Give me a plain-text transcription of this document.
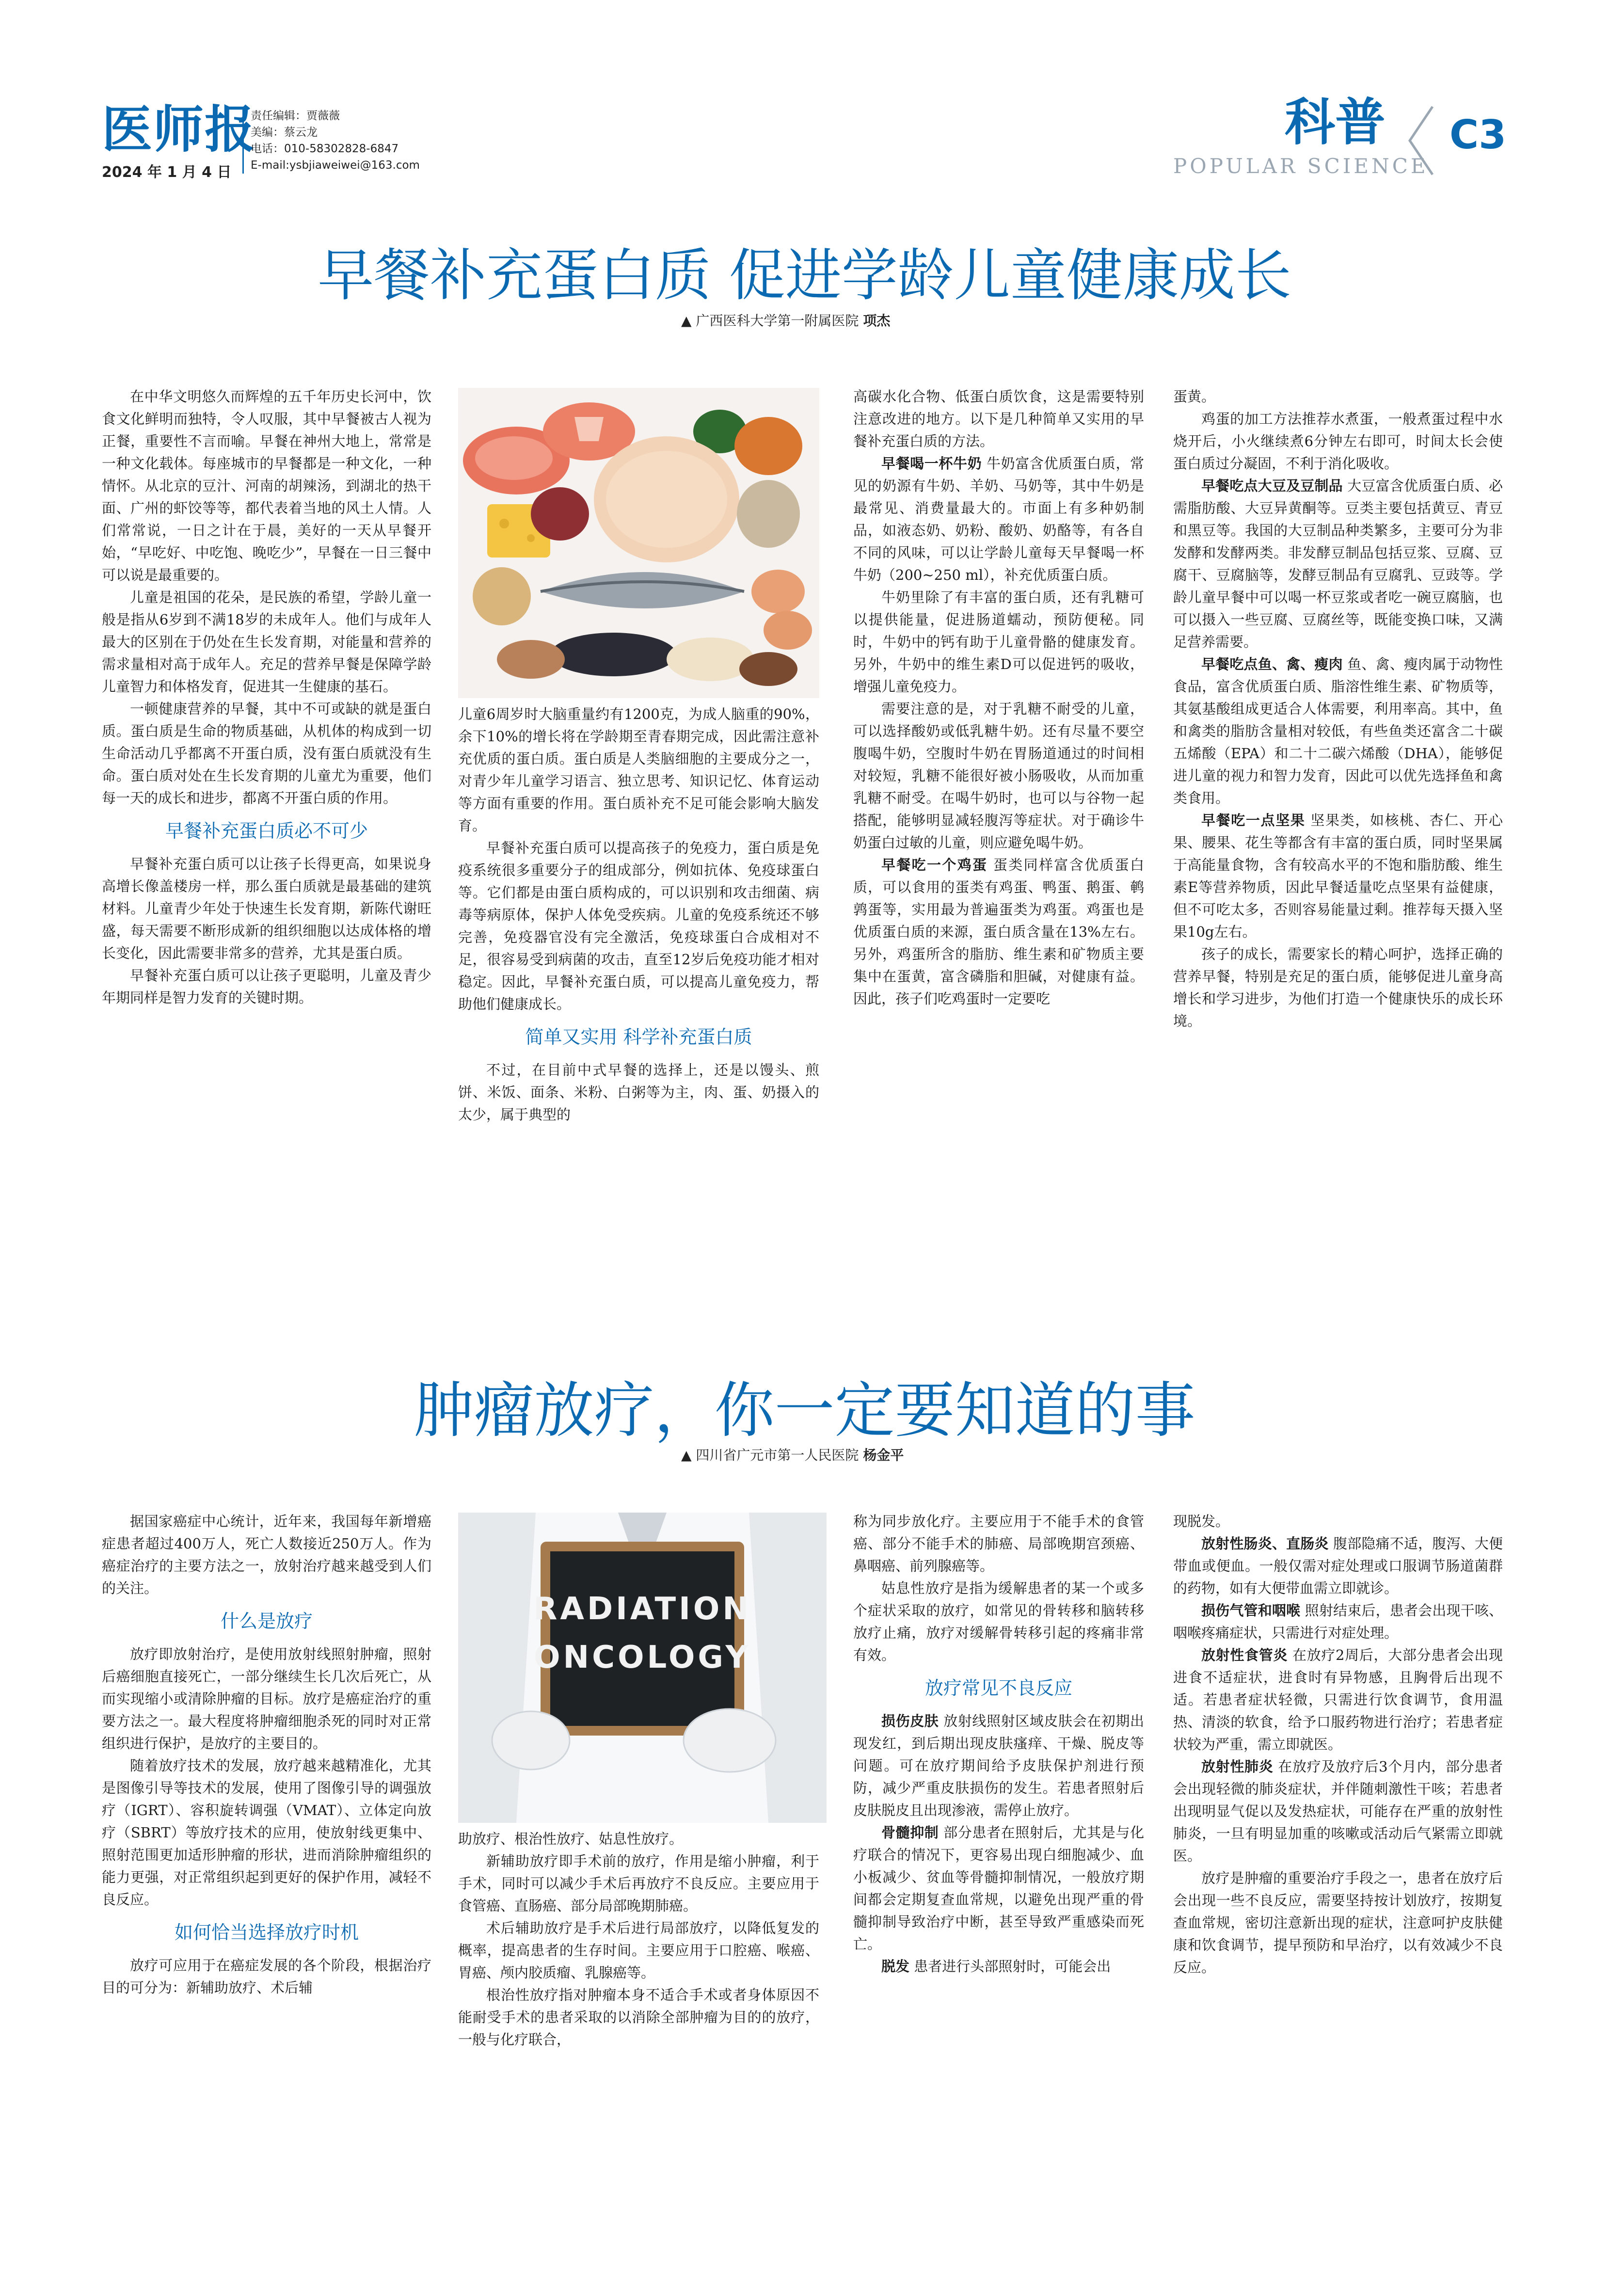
医师报
2024 年 1 月 4 日
责任编辑：贾薇薇
美编：蔡云龙
电话：010-58302828-6847
E-mail:ysbjiaweiwei@163.com
科普 C3
POPULAR SCIENCE
早餐补充蛋白质 促进学龄儿童健康成长
▲ 广西医科大学第一附属医院 项杰

在中华文明悠久而辉煌的五千年历史长河中，饮食文化鲜明而独特，令人叹服，其中早餐被古人视为正餐，重要性不言而喻。早餐在神州大地上，常常是一种文化载体。每座城市的早餐都是一种文化，一种情怀。从北京的豆汁、河南的胡辣汤，到湖北的热干面、广州的虾饺等等，都代表着当地的风土人情。人们常常说，一日之计在于晨，美好的一天从早餐开始，“早吃好、中吃饱、晚吃少”，早餐在一日三餐中可以说是最重要的。

儿童是祖国的花朵，是民族的希望，学龄儿童一般是指从6岁到不满18岁的未成年人。他们与成年人最大的区别在于仍处在生长发育期，对能量和营养的需求量相对高于成年人。充足的营养早餐是保障学龄儿童智力和体格发育，促进其一生健康的基石。

一顿健康营养的早餐，其中不可或缺的就是蛋白质。蛋白质是生命的物质基础，从机体的构成到一切生命活动几乎都离不开蛋白质，没有蛋白质就没有生命。蛋白质对处在生长发育期的儿童尤为重要，他们每一天的成长和进步，都离不开蛋白质的作用。

早餐补充蛋白质必不可少

早餐补充蛋白质可以让孩子长得更高，如果说身高增长像盖楼房一样，那么蛋白质就是最基础的建筑材料。儿童青少年处于快速生长发育期，新陈代谢旺盛，每天需要不断形成新的组织细胞以达成体格的增长变化，因此需要非常多的营养，尤其是蛋白质。

早餐补充蛋白质可以让孩子更聪明，儿童及青少年期同样是智力发育的关键时期。

儿童6周岁时大脑重量约有1200克，为成人脑重的90%，余下10%的增长将在学龄期至青春期完成，因此需注意补充优质的蛋白质。蛋白质是人类脑细胞的主要成分之一，对青少年儿童学习语言、独立思考、知识记忆、体育运动等方面有重要的作用。蛋白质补充不足可能会影响大脑发育。

早餐补充蛋白质可以提高孩子的免疫力，蛋白质是免疫系统很多重要分子的组成部分，例如抗体、免疫球蛋白等。它们都是由蛋白质构成的，可以识别和攻击细菌、病毒等病原体，保护人体免受疾病。儿童的免疫系统还不够完善，免疫器官没有完全激活，免疫球蛋白合成相对不足，很容易受到病菌的攻击，直至12岁后免疫功能才相对稳定。因此，早餐补充蛋白质，可以提高儿童免疫力，帮助他们健康成长。

简单又实用 科学补充蛋白质

不过，在目前中式早餐的选择上，还是以馒头、煎饼、米饭、面条、米粉、白粥等为主，肉、蛋、奶摄入的太少，属于典型的

高碳水化合物、低蛋白质饮食，这是需要特别注意改进的地方。以下是几种简单又实用的早餐补充蛋白质的方法。

早餐喝一杯牛奶 牛奶富含优质蛋白质，常见的奶源有牛奶、羊奶、马奶等，其中牛奶是最常见、消费量最大的。市面上有多种奶制品，如液态奶、奶粉、酸奶、奶酪等，有各自不同的风味，可以让学龄儿童每天早餐喝一杯牛奶（200~250 ml），补充优质蛋白质。

牛奶里除了有丰富的蛋白质，还有乳糖可以提供能量，促进肠道蠕动，预防便秘。同时，牛奶中的钙有助于儿童骨骼的健康发育。另外，牛奶中的维生素D可以促进钙的吸收，增强儿童免疫力。

需要注意的是，对于乳糖不耐受的儿童，可以选择酸奶或低乳糖牛奶。还有尽量不要空腹喝牛奶，空腹时牛奶在胃肠道通过的时间相对较短，乳糖不能很好被小肠吸收，从而加重乳糖不耐受。在喝牛奶时，也可以与谷物一起搭配，能够明显减轻腹泻等症状。对于确诊牛奶蛋白过敏的儿童，则应避免喝牛奶。

早餐吃一个鸡蛋 蛋类同样富含优质蛋白质，可以食用的蛋类有鸡蛋、鸭蛋、鹅蛋、鹌鹑蛋等，实用最为普遍蛋类为鸡蛋。鸡蛋也是优质蛋白质的来源，蛋白质含量在13%左右。另外，鸡蛋所含的脂肪、维生素和矿物质主要集中在蛋黄，富含磷脂和胆碱，对健康有益。因此，孩子们吃鸡蛋时一定要吃

蛋黄。

鸡蛋的加工方法推荐水煮蛋，一般煮蛋过程中水烧开后，小火继续煮6分钟左右即可，时间太长会使蛋白质过分凝固，不利于消化吸收。

早餐吃点大豆及豆制品 大豆富含优质蛋白质、必需脂肪酸、大豆异黄酮等。豆类主要包括黄豆、青豆和黑豆等。我国的大豆制品种类繁多，主要可分为非发酵和发酵两类。非发酵豆制品包括豆浆、豆腐、豆腐干、豆腐脑等，发酵豆制品有豆腐乳、豆豉等。学龄儿童早餐中可以喝一杯豆浆或者吃一碗豆腐脑，也可以摄入一些豆腐、豆腐丝等，既能变换口味，又满足营养需要。

早餐吃点鱼、禽、瘦肉 鱼、禽、瘦肉属于动物性食品，富含优质蛋白质、脂溶性维生素、矿物质等，其氨基酸组成更适合人体需要，利用率高。其中，鱼和禽类的脂肪含量相对较低，有些鱼类还富含二十碳五烯酸（EPA）和二十二碳六烯酸（DHA），能够促进儿童的视力和智力发育，因此可以优先选择鱼和禽类食用。

早餐吃一点坚果 坚果类，如核桃、杏仁、开心果、腰果、花生等都含有丰富的蛋白质，同时坚果属于高能量食物，含有较高水平的不饱和脂肪酸、维生素E等营养物质，因此早餐适量吃点坚果有益健康，但不可吃太多，否则容易能量过剩。推荐每天摄入坚果10g左右。

孩子的成长，需要家长的精心呵护，选择正确的营养早餐，特别是充足的蛋白质，能够促进儿童身高增长和学习进步，为他们打造一个健康快乐的成长环境。

肿瘤放疗，你一定要知道的事
▲ 四川省广元市第一人民医院 杨金平

据国家癌症中心统计，近年来，我国每年新增癌症患者超过400万人，死亡人数接近250万人。作为癌症治疗的主要方法之一，放射治疗越来越受到人们的关注。

什么是放疗

放疗即放射治疗，是使用放射线照射肿瘤，照射后癌细胞直接死亡，一部分继续生长几次后死亡，从而实现缩小或清除肿瘤的目标。放疗是癌症治疗的重要方法之一。最大程度将肿瘤细胞杀死的同时对正常组织进行保护，是放疗的主要目的。

随着放疗技术的发展，放疗越来越精准化，尤其是图像引导等技术的发展，使用了图像引导的调强放疗（IGRT）、容积旋转调强（VMAT）、立体定向放疗（SBRT）等放疗技术的应用，使放射线更集中、照射范围更加适形肿瘤的形状，进而消除肿瘤组织的能力更强，对正常组织起到更好的保护作用，减轻不良反应。

如何恰当选择放疗时机

放疗可应用于在癌症发展的各个阶段，根据治疗目的可分为：新辅助放疗、术后辅

RADIATION
ONCOLOGY

助放疗、根治性放疗、姑息性放疗。

新辅助放疗即手术前的放疗，作用是缩小肿瘤，利于手术，同时可以减少手术后再放疗不良反应。主要应用于食管癌、直肠癌、部分局部晚期肺癌。

术后辅助放疗是手术后进行局部放疗，以降低复发的概率，提高患者的生存时间。主要应用于口腔癌、喉癌、胃癌、颅内胶质瘤、乳腺癌等。

根治性放疗指对肿瘤本身不适合手术或者身体原因不能耐受手术的患者采取的以消除全部肿瘤为目的的放疗，一般与化疗联合，

称为同步放化疗。主要应用于不能手术的食管癌、部分不能手术的肺癌、局部晚期宫颈癌、鼻咽癌、前列腺癌等。

姑息性放疗是指为缓解患者的某一个或多个症状采取的放疗，如常见的骨转移和脑转移放疗止痛，放疗对缓解骨转移引起的疼痛非常有效。

放疗常见不良反应

损伤皮肤 放射线照射区域皮肤会在初期出现发红，到后期出现皮肤瘙痒、干燥、脱皮等问题。可在放疗期间给予皮肤保护剂进行预防，减少严重皮肤损伤的发生。若患者照射后皮肤脱皮且出现渗液，需停止放疗。

骨髓抑制 部分患者在照射后，尤其是与化疗联合的情况下，更容易出现白细胞减少、血小板减少、贫血等骨髓抑制情况，一般放疗期间都会定期复查血常规，以避免出现严重的骨髓抑制导致治疗中断，甚至导致严重感染而死亡。

脱发 患者进行头部照射时，可能会出

现脱发。

放射性肠炎、直肠炎 腹部隐痛不适，腹泻、大便带血或便血。一般仅需对症处理或口服调节肠道菌群的药物，如有大便带血需立即就诊。

损伤气管和咽喉 照射结束后，患者会出现干咳、咽喉疼痛症状，只需进行对症处理。

放射性食管炎 在放疗2周后，大部分患者会出现进食不适症状，进食时有异物感，且胸骨后出现不适。若患者症状轻微，只需进行饮食调节，食用温热、清淡的软食，给予口服药物进行治疗；若患者症状较为严重，需立即就医。

放射性肺炎 在放疗及放疗后3个月内，部分患者会出现轻微的肺炎症状，并伴随刺激性干咳；若患者出现明显气促以及发热症状，可能存在严重的放射性肺炎，一旦有明显加重的咳嗽或活动后气紧需立即就医。

放疗是肿瘤的重要治疗手段之一，患者在放疗后会出现一些不良反应，需要坚持按计划放疗，按期复查血常规，密切注意新出现的症状，注意呵护皮肤健康和饮食调节，提早预防和早治疗，以有效减少不良反应。
